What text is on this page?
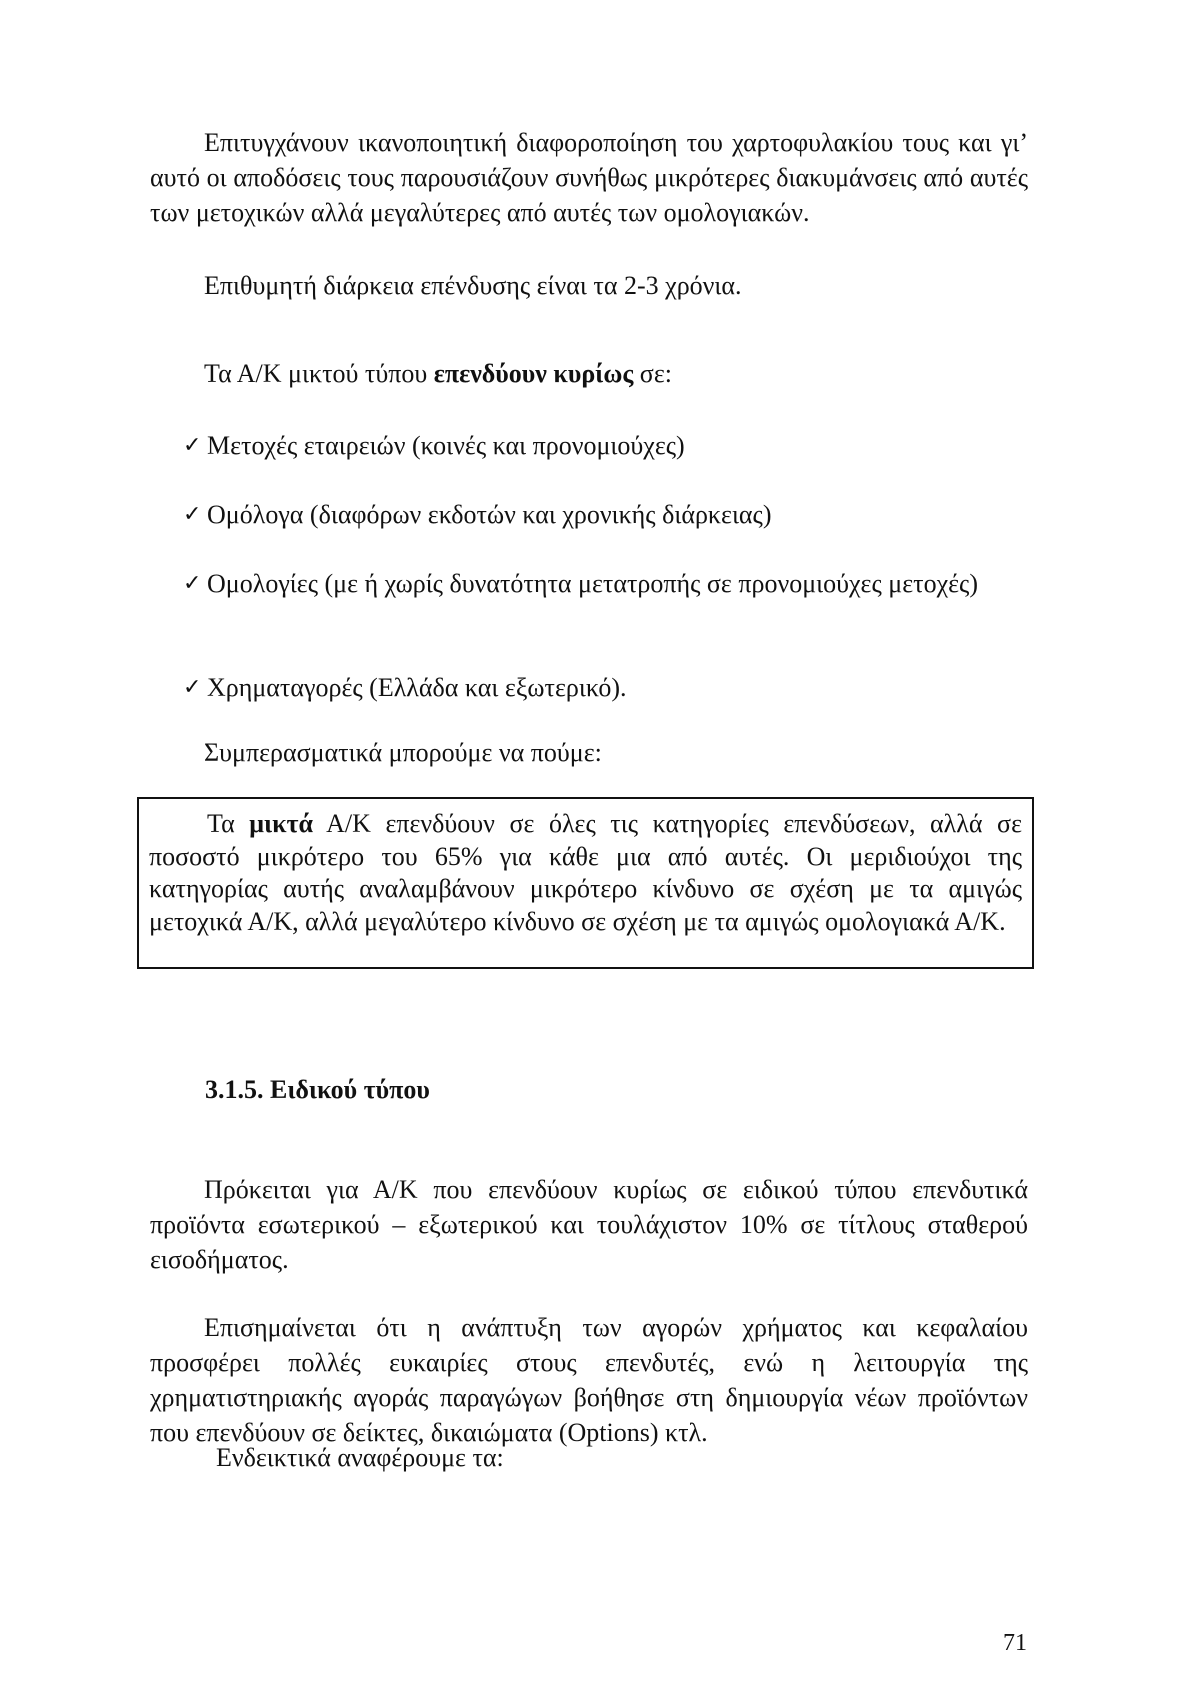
Επιτυγχάνουν ικανοποιητική διαφοροποίηση του χαρτοφυλακίου τους και γι’ αυτό οι αποδόσεις τους παρουσιάζουν συνήθως μικρότερες διακυμάνσεις από αυτές των μετοχικών αλλά μεγαλύτερες από αυτές των ομολογιακών.

Επιθυμητή διάρκεια επένδυσης είναι τα 2-3 χρόνια.

Τα Α/Κ μικτού τύπου επενδύουν κυρίως σε:

✓ Μετοχές εταιρειών (κοινές και προνομιούχες)
✓ Ομόλογα (διαφόρων εκδοτών και χρονικής διάρκειας)
✓ Ομολογίες (με ή χωρίς δυνατότητα μετατροπής σε προνομιούχες μετοχές)
✓ Χρηματαγορές (Ελλάδα και εξωτερικό).

Συμπερασματικά μπορούμε να πούμε:

Τα μικτά Α/Κ επενδύουν σε όλες τις κατηγορίες επενδύσεων, αλλά σε ποσοστό μικρότερο του 65% για κάθε μια από αυτές. Οι μεριδιούχοι της κατηγορίας αυτής αναλαμβάνουν μικρότερο κίνδυνο σε σχέση με τα αμιγώς μετοχικά Α/Κ, αλλά μεγαλύτερο κίνδυνο σε σχέση με τα αμιγώς ομολογιακά Α/Κ.

3.1.5. Ειδικού τύπου

Πρόκειται για Α/Κ που επενδύουν κυρίως σε ειδικού τύπου επενδυτικά προϊόντα εσωτερικού – εξωτερικού και τουλάχιστον 10% σε τίτλους σταθερού εισοδήματος.

Επισημαίνεται ότι η ανάπτυξη των αγορών χρήματος και κεφαλαίου προσφέρει πολλές ευκαιρίες στους επενδυτές, ενώ η λειτουργία της χρηματιστηριακής αγοράς παραγώγων βοήθησε στη δημιουργία νέων προϊόντων που επενδύουν σε δείκτες, δικαιώματα (Options) κτλ.

Ενδεικτικά αναφέρουμε τα:

71
